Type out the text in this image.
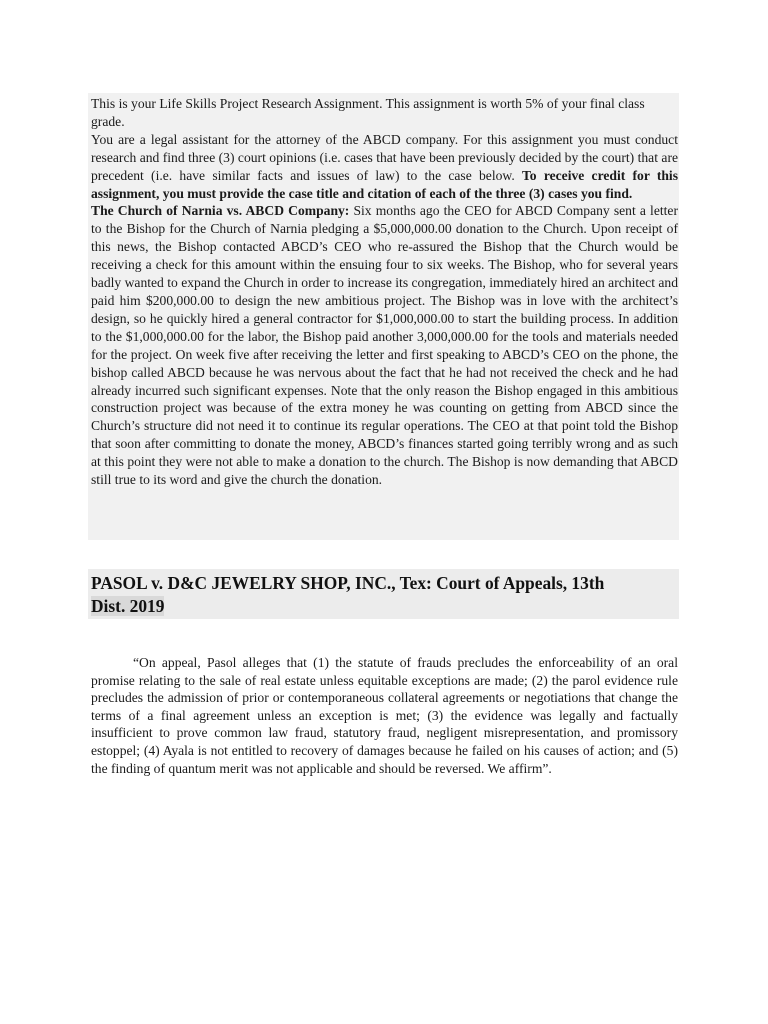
This is your Life Skills Project Research Assignment. This assignment is worth 5% of your final class grade.

You are a legal assistant for the attorney of the ABCD company. For this assignment you must conduct research and find three (3) court opinions (i.e. cases that have been previously decided by the court) that are precedent (i.e. have similar facts and issues of law) to the case below. To receive credit for this assignment, you must provide the case title and citation of each of the three (3) cases you find.

The Church of Narnia vs. ABCD Company: Six months ago the CEO for ABCD Company sent a letter to the Bishop for the Church of Narnia pledging a $5,000,000.00 donation to the Church. Upon receipt of this news, the Bishop contacted ABCD’s CEO who re-assured the Bishop that the Church would be receiving a check for this amount within the ensuing four to six weeks. The Bishop, who for several years badly wanted to expand the Church in order to increase its congregation, immediately hired an architect and paid him $200,000.00 to design the new ambitious project. The Bishop was in love with the architect’s design, so he quickly hired a general contractor for $1,000,000.00 to start the building process. In addition to the $1,000,000.00 for the labor, the Bishop paid another 3,000,000.00 for the tools and materials needed for the project. On week five after receiving the letter and first speaking to ABCD’s CEO on the phone, the bishop called ABCD because he was nervous about the fact that he had not received the check and he had already incurred such significant expenses. Note that the only reason the Bishop engaged in this ambitious construction project was because of the extra money he was counting on getting from ABCD since the Church’s structure did not need it to continue its regular operations. The CEO at that point told the Bishop that soon after committing to donate the money, ABCD’s finances started going terribly wrong and as such at this point they were not able to make a donation to the church. The Bishop is now demanding that ABCD still true to its word and give the church the donation.

PASOL v. D&C JEWELRY SHOP, INC., Tex: Court of Appeals, 13th
Dist. 2019

“On appeal, Pasol alleges that (1) the statute of frauds precludes the enforceability of an oral promise relating to the sale of real estate unless equitable exceptions are made; (2) the parol evidence rule precludes the admission of prior or contemporaneous collateral agreements or negotiations that change the terms of a final agreement unless an exception is met; (3) the evidence was legally and factually insufficient to prove common law fraud, statutory fraud, negligent misrepresentation, and promissory estoppel; (4) Ayala is not entitled to recovery of damages because he failed on his causes of action; and (5) the finding of quantum merit was not applicable and should be reversed. We affirm”.
